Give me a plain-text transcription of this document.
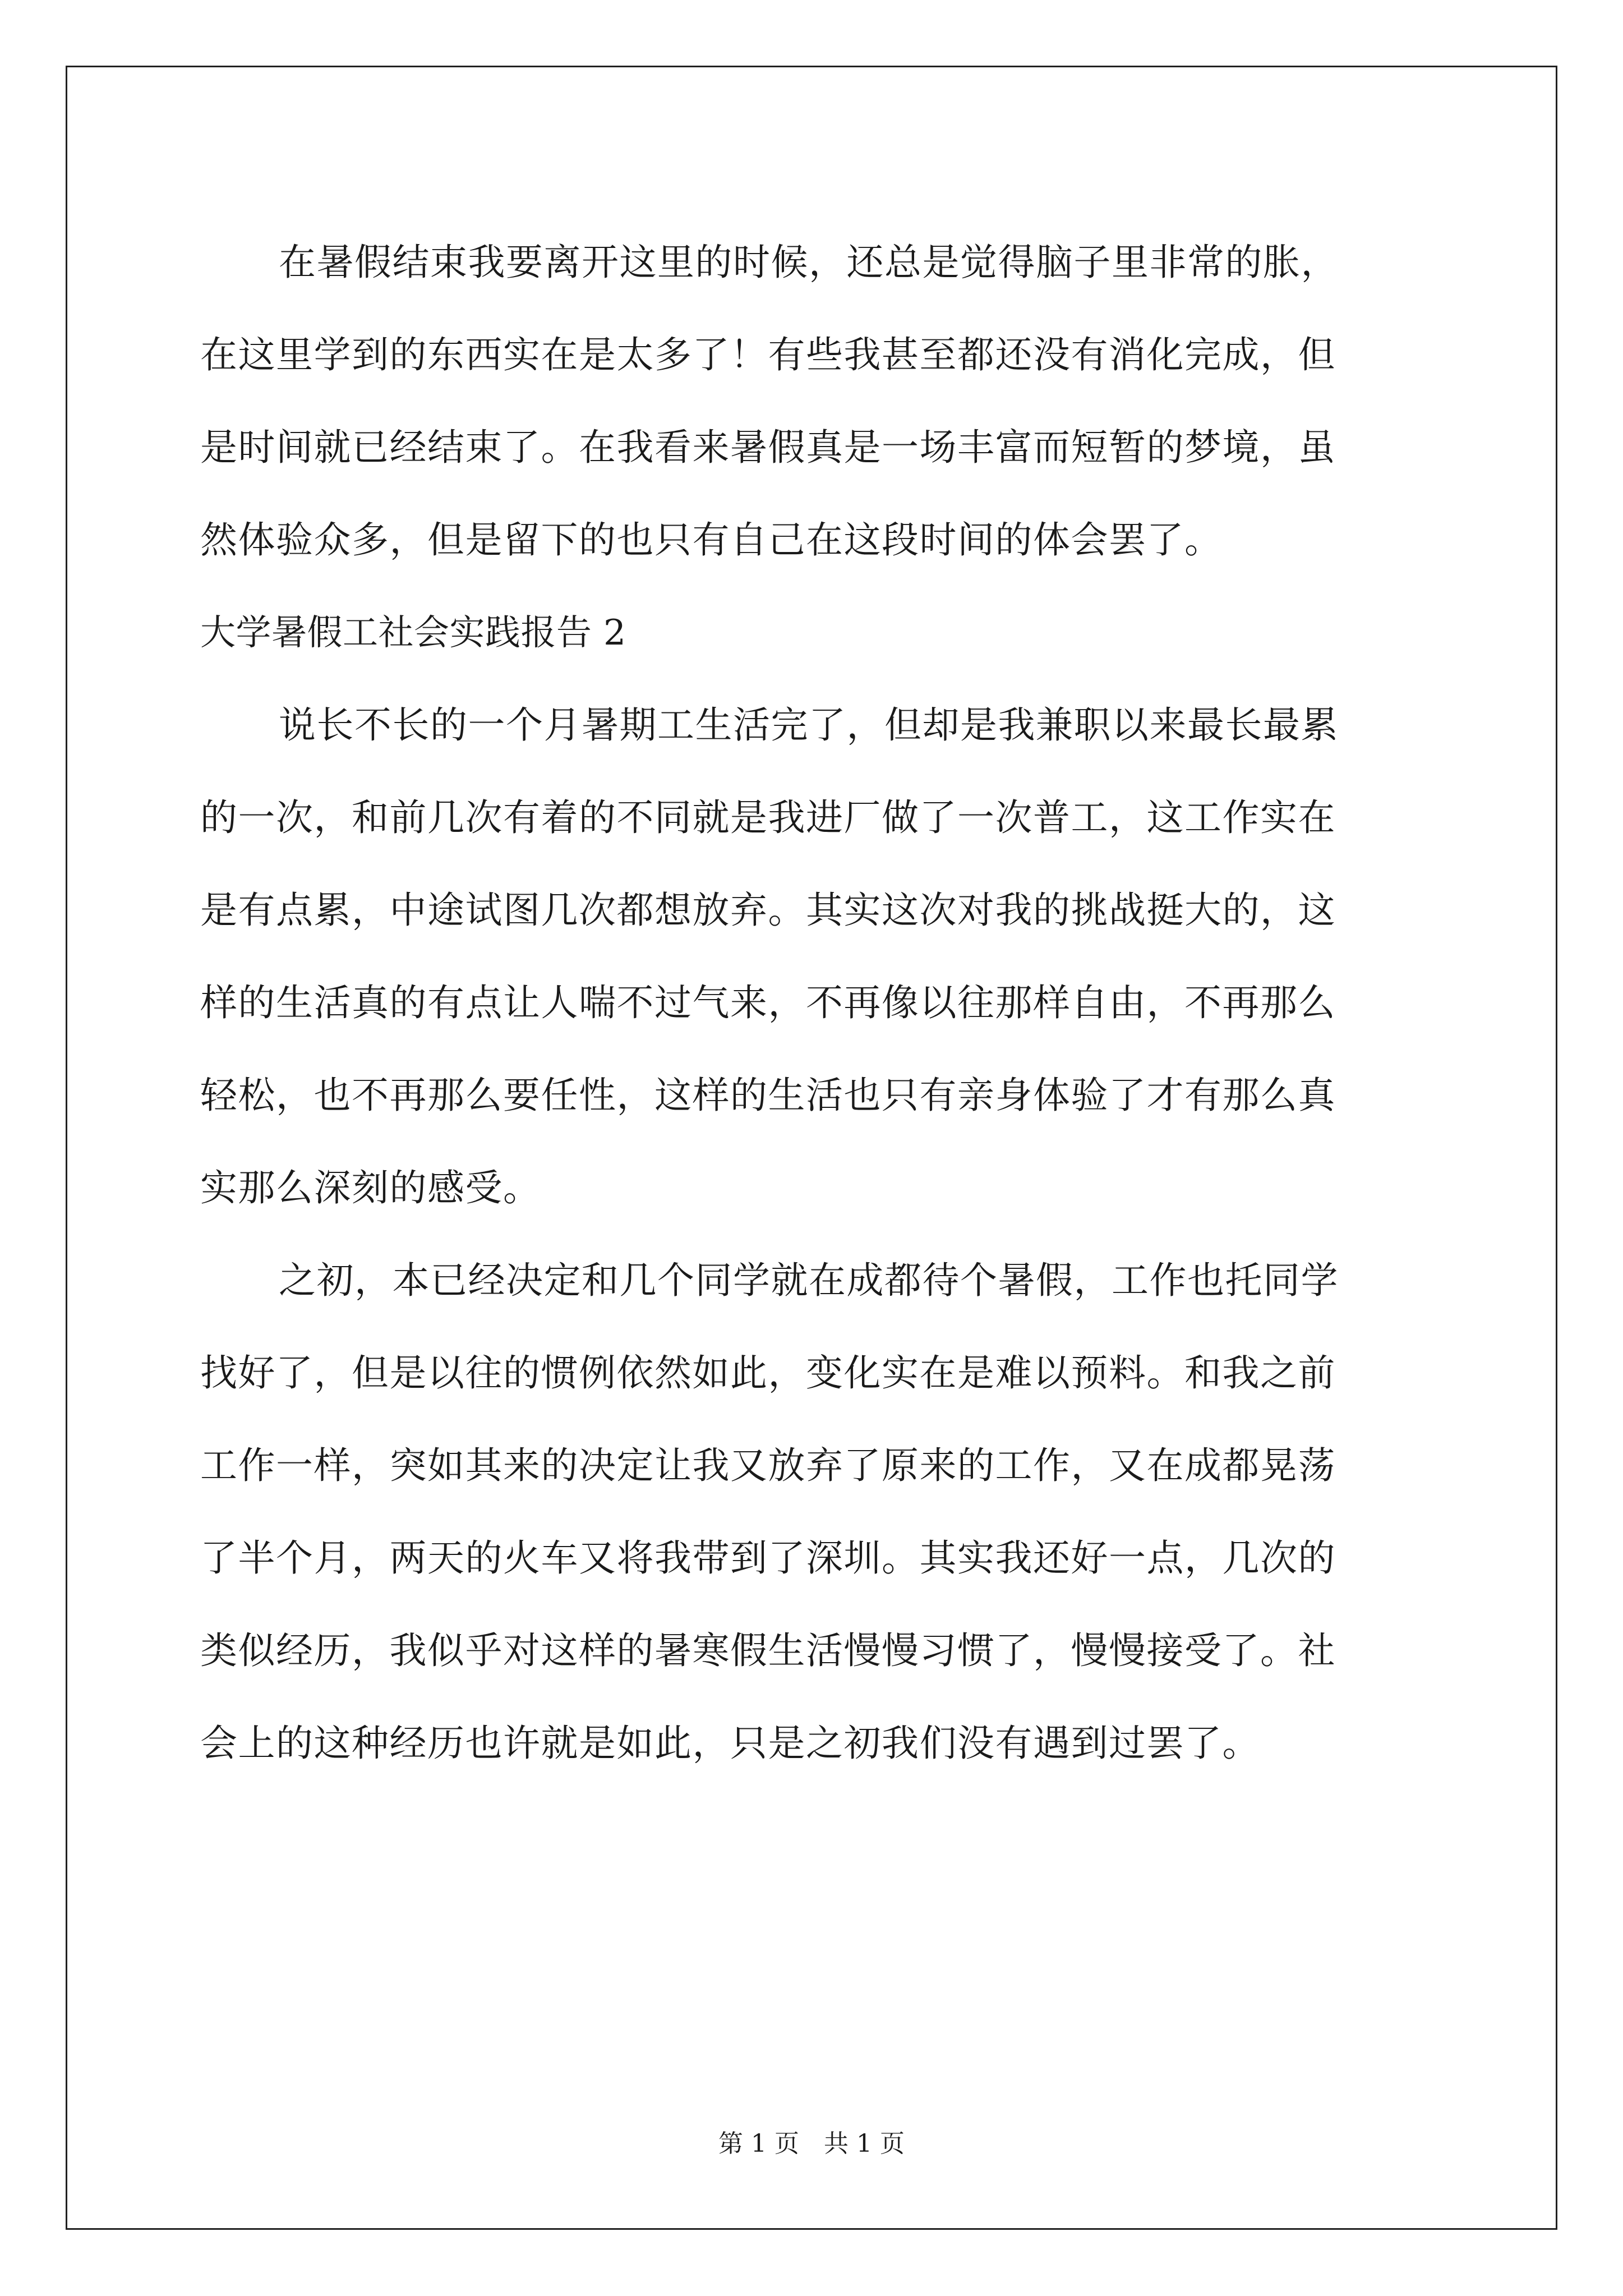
在暑假结束我要离开这里的时候，还总是觉得脑子里非常的胀，
在这里学到的东西实在是太多了！有些我甚至都还没有消化完成，但
是时间就已经结束了。在我看来暑假真是一场丰富而短暂的梦境，虽
然体验众多，但是留下的也只有自己在这段时间的体会罢了。
大学暑假工社会实践报告 2
说长不长的一个月暑期工生活完了，但却是我兼职以来最长最累
的一次，和前几次有着的不同就是我进厂做了一次普工，这工作实在
是有点累，中途试图几次都想放弃。其实这次对我的挑战挺大的，这
样的生活真的有点让人喘不过气来，不再像以往那样自由，不再那么
轻松，也不再那么要任性，这样的生活也只有亲身体验了才有那么真
实那么深刻的感受。
之初，本已经决定和几个同学就在成都待个暑假，工作也托同学
找好了，但是以往的惯例依然如此，变化实在是难以预料。和我之前
工作一样，突如其来的决定让我又放弃了原来的工作，又在成都晃荡
了半个月，两天的火车又将我带到了深圳。其实我还好一点，几次的
类似经历，我似乎对这样的暑寒假生活慢慢习惯了，慢慢接受了。社
会上的这种经历也许就是如此，只是之初我们没有遇到过罢了。
第 1 页　共 1 页
